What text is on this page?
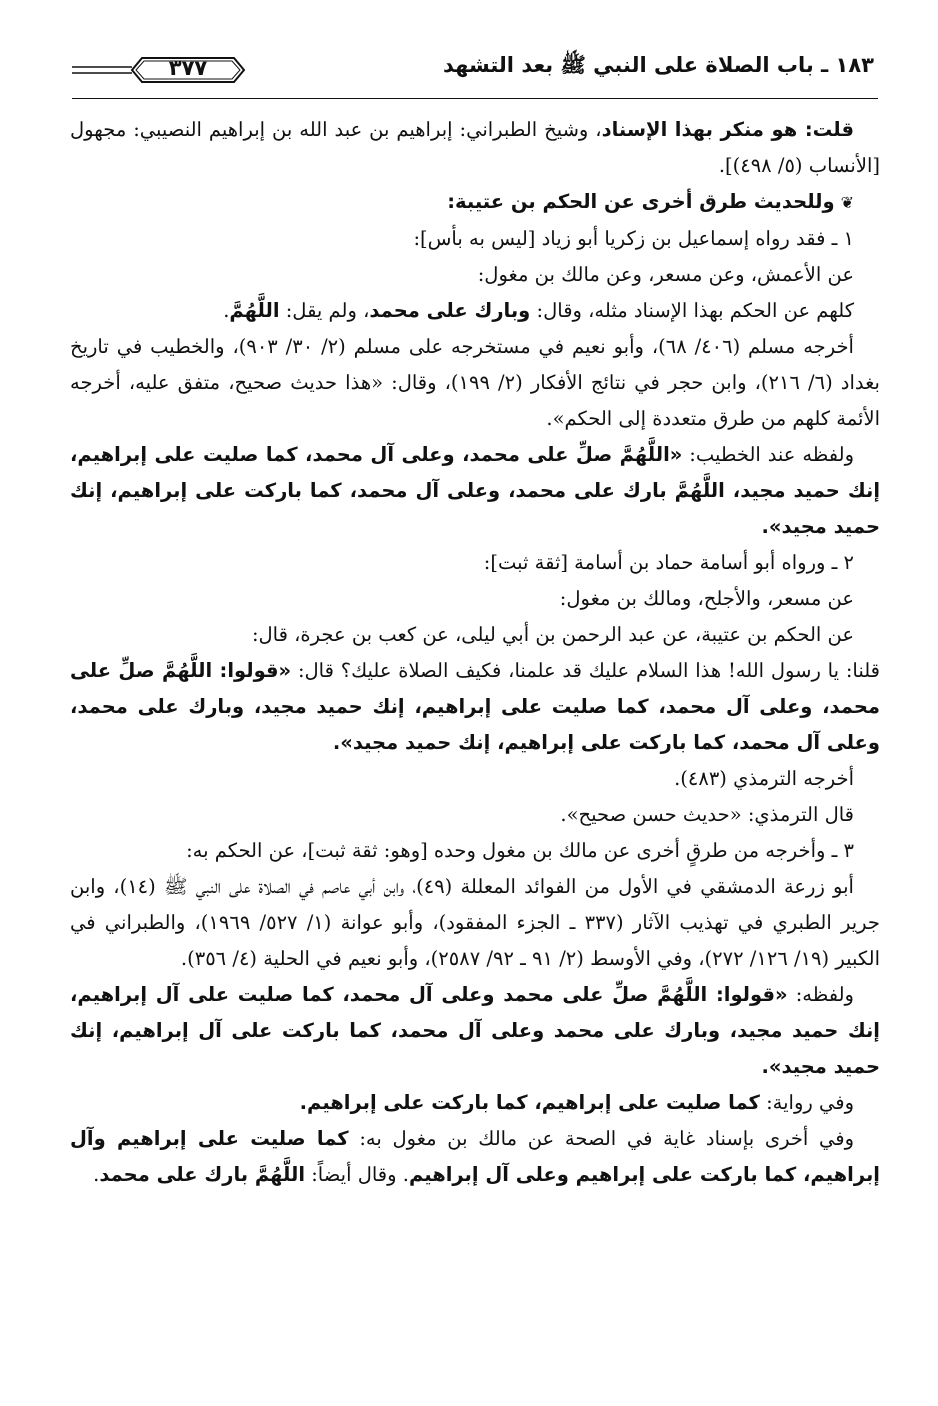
١٨٣ ـ باب الصلاة على النبي ﷺ بعد التشهد
٣٧٧

قلت: هو منكر بهذا الإسناد، وشيخ الطبراني: إبراهيم بن عبد الله بن إبراهيم النصيبي: مجهول [الأنساب (٥/ ٤٩٨)].

❦وللحديث طرق أخرى عن الحكم بن عتيبة:

١ ـ فقد رواه إسماعيل بن زكريا أبو زياد [ليس به بأس]:

عن الأعمش، وعن مسعر، وعن مالك بن مغول:

كلهم عن الحكم بهذا الإسناد مثله، وقال: وبارك على محمد، ولم يقل: اللَّهُمَّ.

أخرجه مسلم (٤٠٦/ ٦٨)، وأبو نعيم في مستخرجه على مسلم (٢/ ٣٠/ ٩٠٣)، والخطيب في تاريخ بغداد (٦/ ٢١٦)، وابن حجر في نتائج الأفكار (٢/ ١٩٩)، وقال: «هذا حديث صحيح، متفق عليه، أخرجه الأئمة كلهم من طرق متعددة إلى الحكم».

ولفظه عند الخطيب: «اللَّهُمَّ صلِّ على محمد، وعلى آل محمد، كما صليت على إبراهيم، إنك حميد مجيد، اللَّهُمَّ بارك على محمد، وعلى آل محمد، كما باركت على إبراهيم، إنك حميد مجيد».

٢ ـ ورواه أبو أسامة حماد بن أسامة [ثقة ثبت]:

عن مسعر، والأجلح، ومالك بن مغول:

عن الحكم بن عتيبة، عن عبد الرحمن بن أبي ليلى، عن كعب بن عجرة، قال:

قلنا: يا رسول الله! هذا السلام عليك قد علمنا، فكيف الصلاة عليك؟ قال: «قولوا: اللَّهُمَّ صلِّ على محمد، وعلى آل محمد، كما صليت على إبراهيم، إنك حميد مجيد، وبارك على محمد، وعلى آل محمد، كما باركت على إبراهيم، إنك حميد مجيد».

أخرجه الترمذي (٤٨٣).

قال الترمذي: «حديث حسن صحيح».

٣ ـ وأخرجه من طرقٍ أخرى عن مالك بن مغول وحده [وهو: ثقة ثبت]، عن الحكم به:

أبو زرعة الدمشقي في الأول من الفوائد المعللة (٤٩)، وابن أبي عاصم في الصلاة على النبي ﷺ (١٤)، وابن جرير الطبري في تهذيب الآثار (٣٣٧ ـ الجزء المفقود)، وأبو عوانة (١/ ٥٢٧/ ١٩٦٩)، والطبراني في الكبير (١٩/ ١٢٦/ ٢٧٢)، وفي الأوسط (٢/ ٩١ ـ ٩٢/ ٢٥٨٧)، وأبو نعيم في الحلية (٤/ ٣٥٦).

ولفظه: «قولوا: اللَّهُمَّ صلِّ على محمد وعلى آل محمد، كما صليت على آل إبراهيم، إنك حميد مجيد، وبارك على محمد وعلى آل محمد، كما باركت على آل إبراهيم، إنك حميد مجيد».

وفي رواية: كما صليت على إبراهيم، كما باركت على إبراهيم.

وفي أخرى بإسناد غاية في الصحة عن مالك بن مغول به: كما صليت على إبراهيم وآل إبراهيم، كما باركت على إبراهيم وعلى آل إبراهيم. وقال أيضاً: اللَّهُمَّ بارك على محمد.
